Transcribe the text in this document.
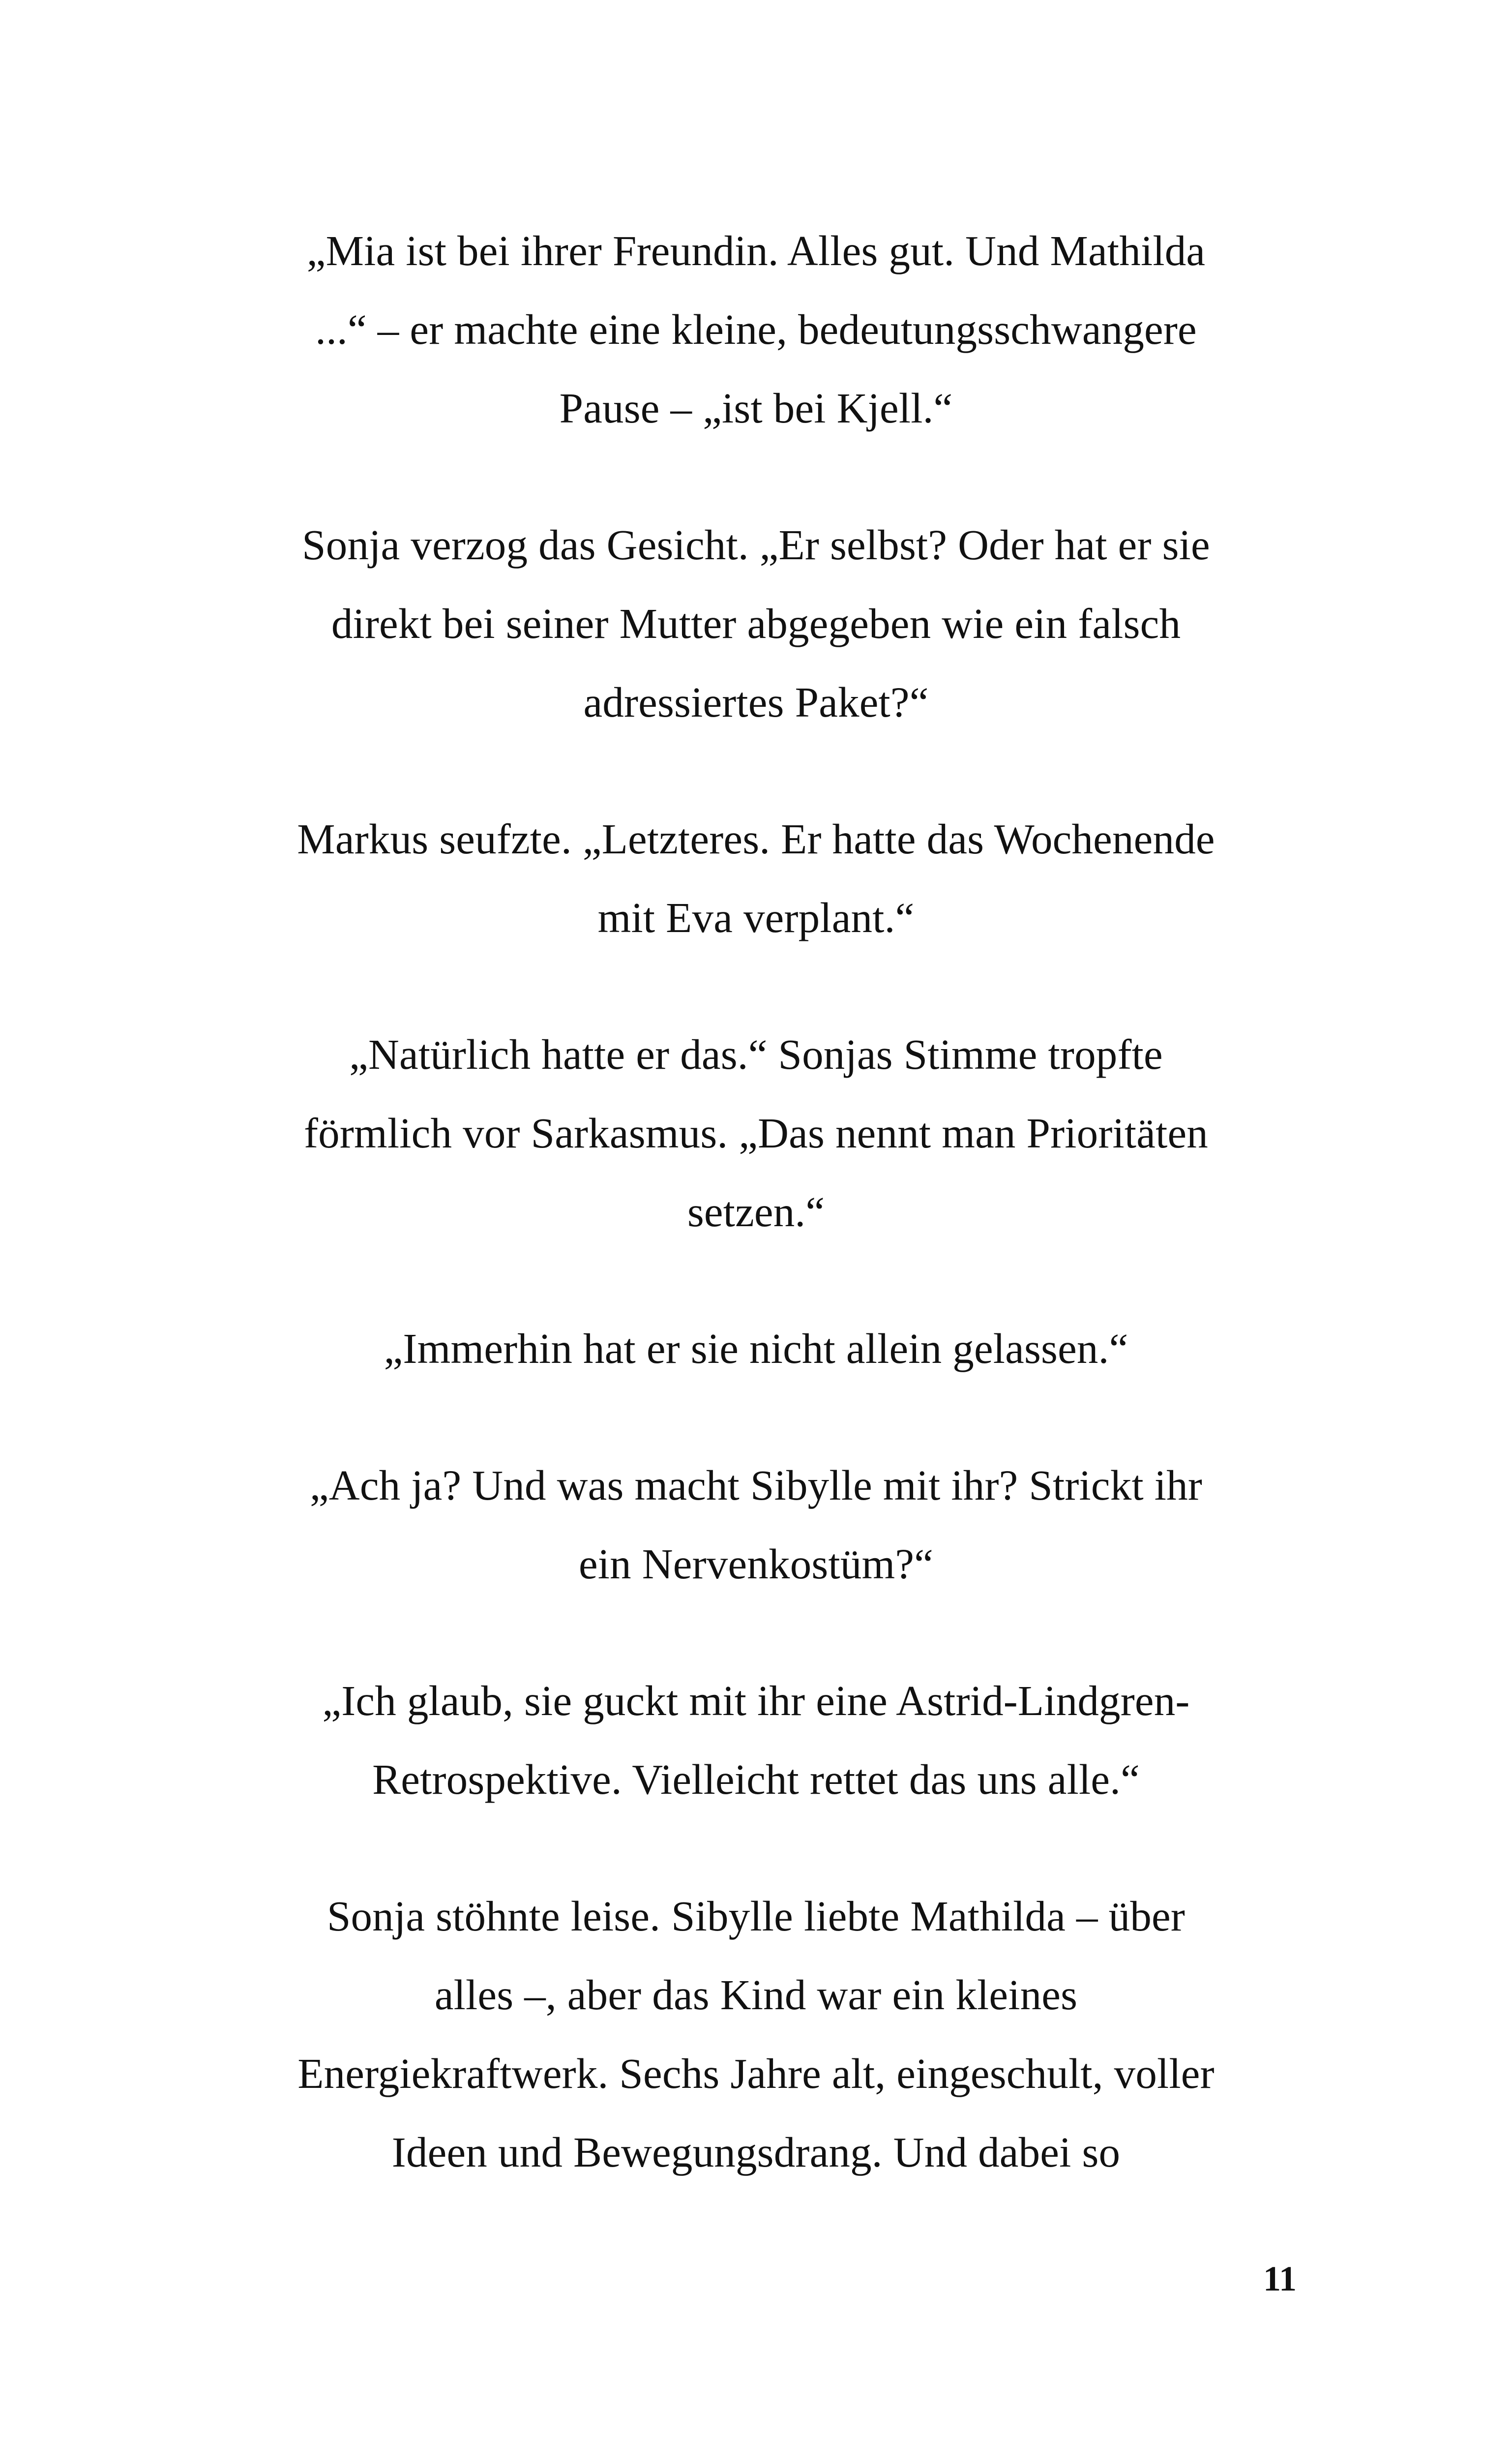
„Mia ist bei ihrer Freundin. Alles gut. Und Mathilda
...“ – er machte eine kleine, bedeutungsschwangere
Pause – „ist bei Kjell.“

Sonja verzog das Gesicht. „Er selbst? Oder hat er sie
direkt bei seiner Mutter abgegeben wie ein falsch
adressiertes Paket?“

Markus seufzte. „Letzteres. Er hatte das Wochenende
mit Eva verplant.“

„Natürlich hatte er das.“ Sonjas Stimme tropfte
förmlich vor Sarkasmus. „Das nennt man Prioritäten
setzen.“

„Immerhin hat er sie nicht allein gelassen.“

„Ach ja? Und was macht Sibylle mit ihr? Strickt ihr
ein Nervenkostüm?“

„Ich glaub, sie guckt mit ihr eine Astrid-Lindgren-
Retrospektive. Vielleicht rettet das uns alle.“

Sonja stöhnte leise. Sibylle liebte Mathilda – über
alles –, aber das Kind war ein kleines
Energiekraftwerk. Sechs Jahre alt, eingeschult, voller
Ideen und Bewegungsdrang. Und dabei so

11
